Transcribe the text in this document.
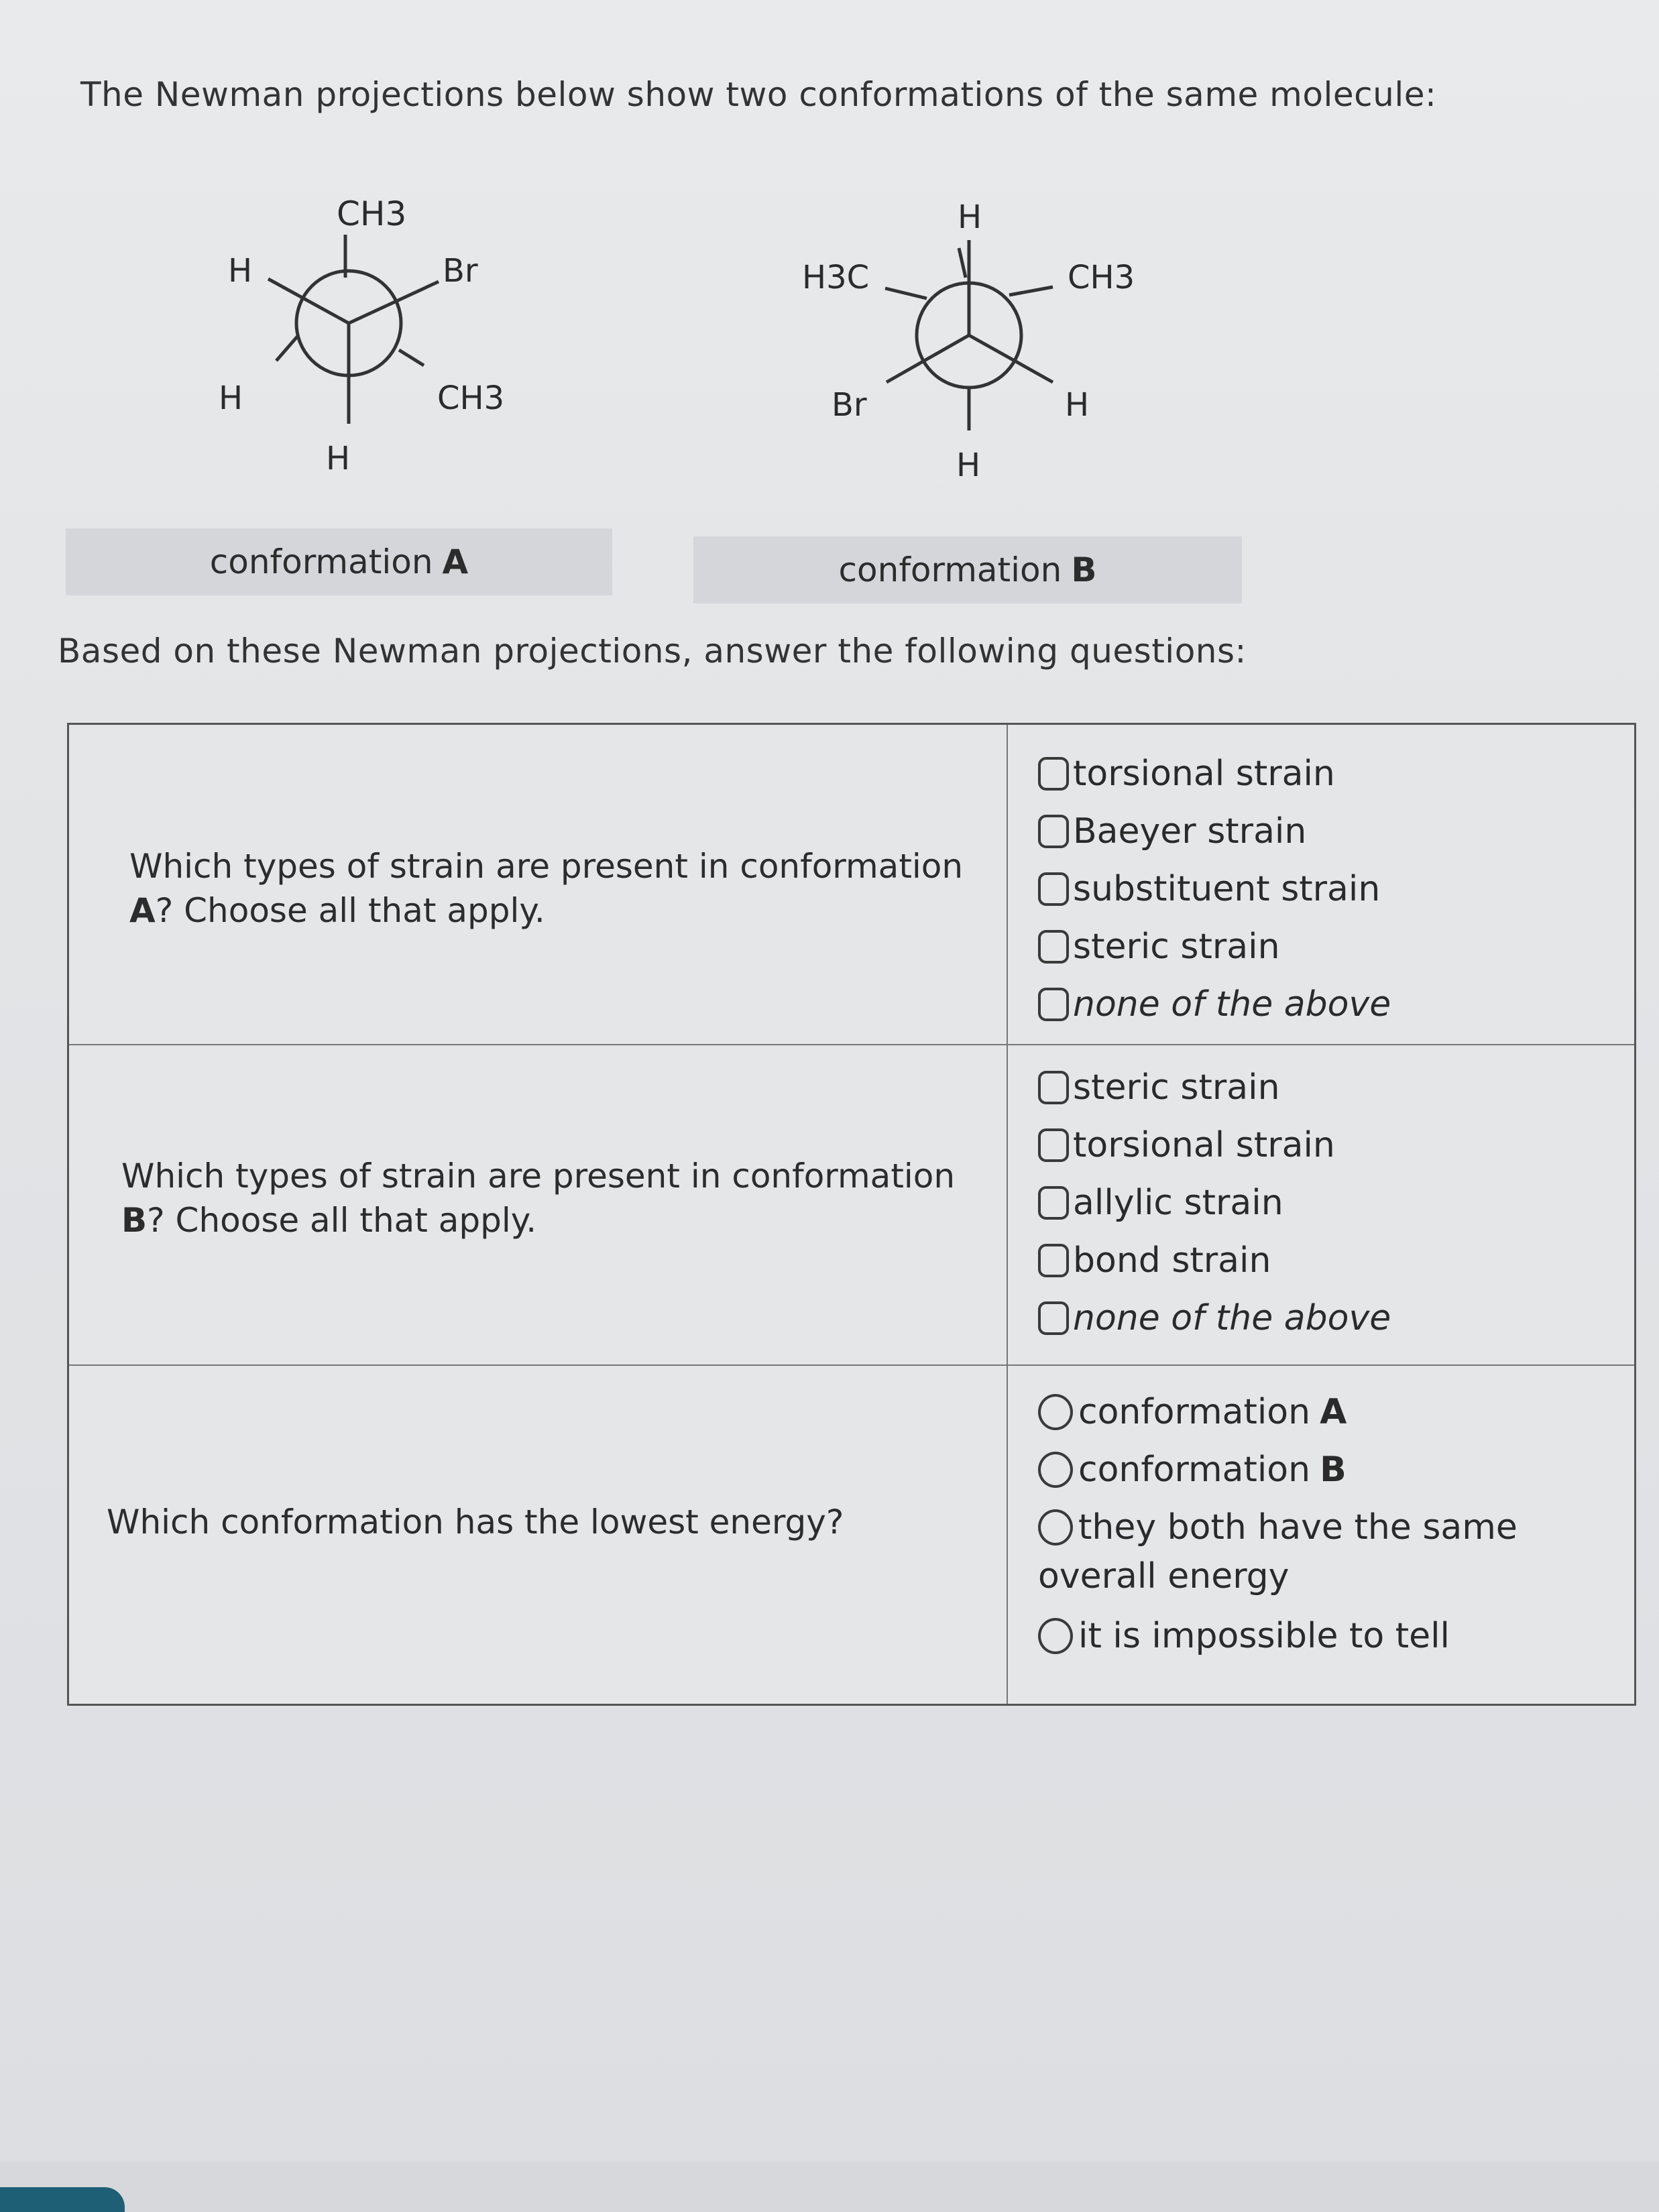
The Newman projections below show two conformations of the same molecule:
CH3
H	Br
H	CH3
H
H
H3C	CH3
Br	H
H
conformation A	conformation B
Based on these Newman projections, answer the following questions:
Which types of strain are present in conformation A? Choose all that apply.
torsional strain
Baeyer strain
substituent strain
steric strain
none of the above
Which types of strain are present in conformation B? Choose all that apply.
steric strain
torsional strain
allylic strain
bond strain
none of the above
Which conformation has the lowest energy?
conformation A
conformation B
they both have the same
overall energy
it is impossible to tell
